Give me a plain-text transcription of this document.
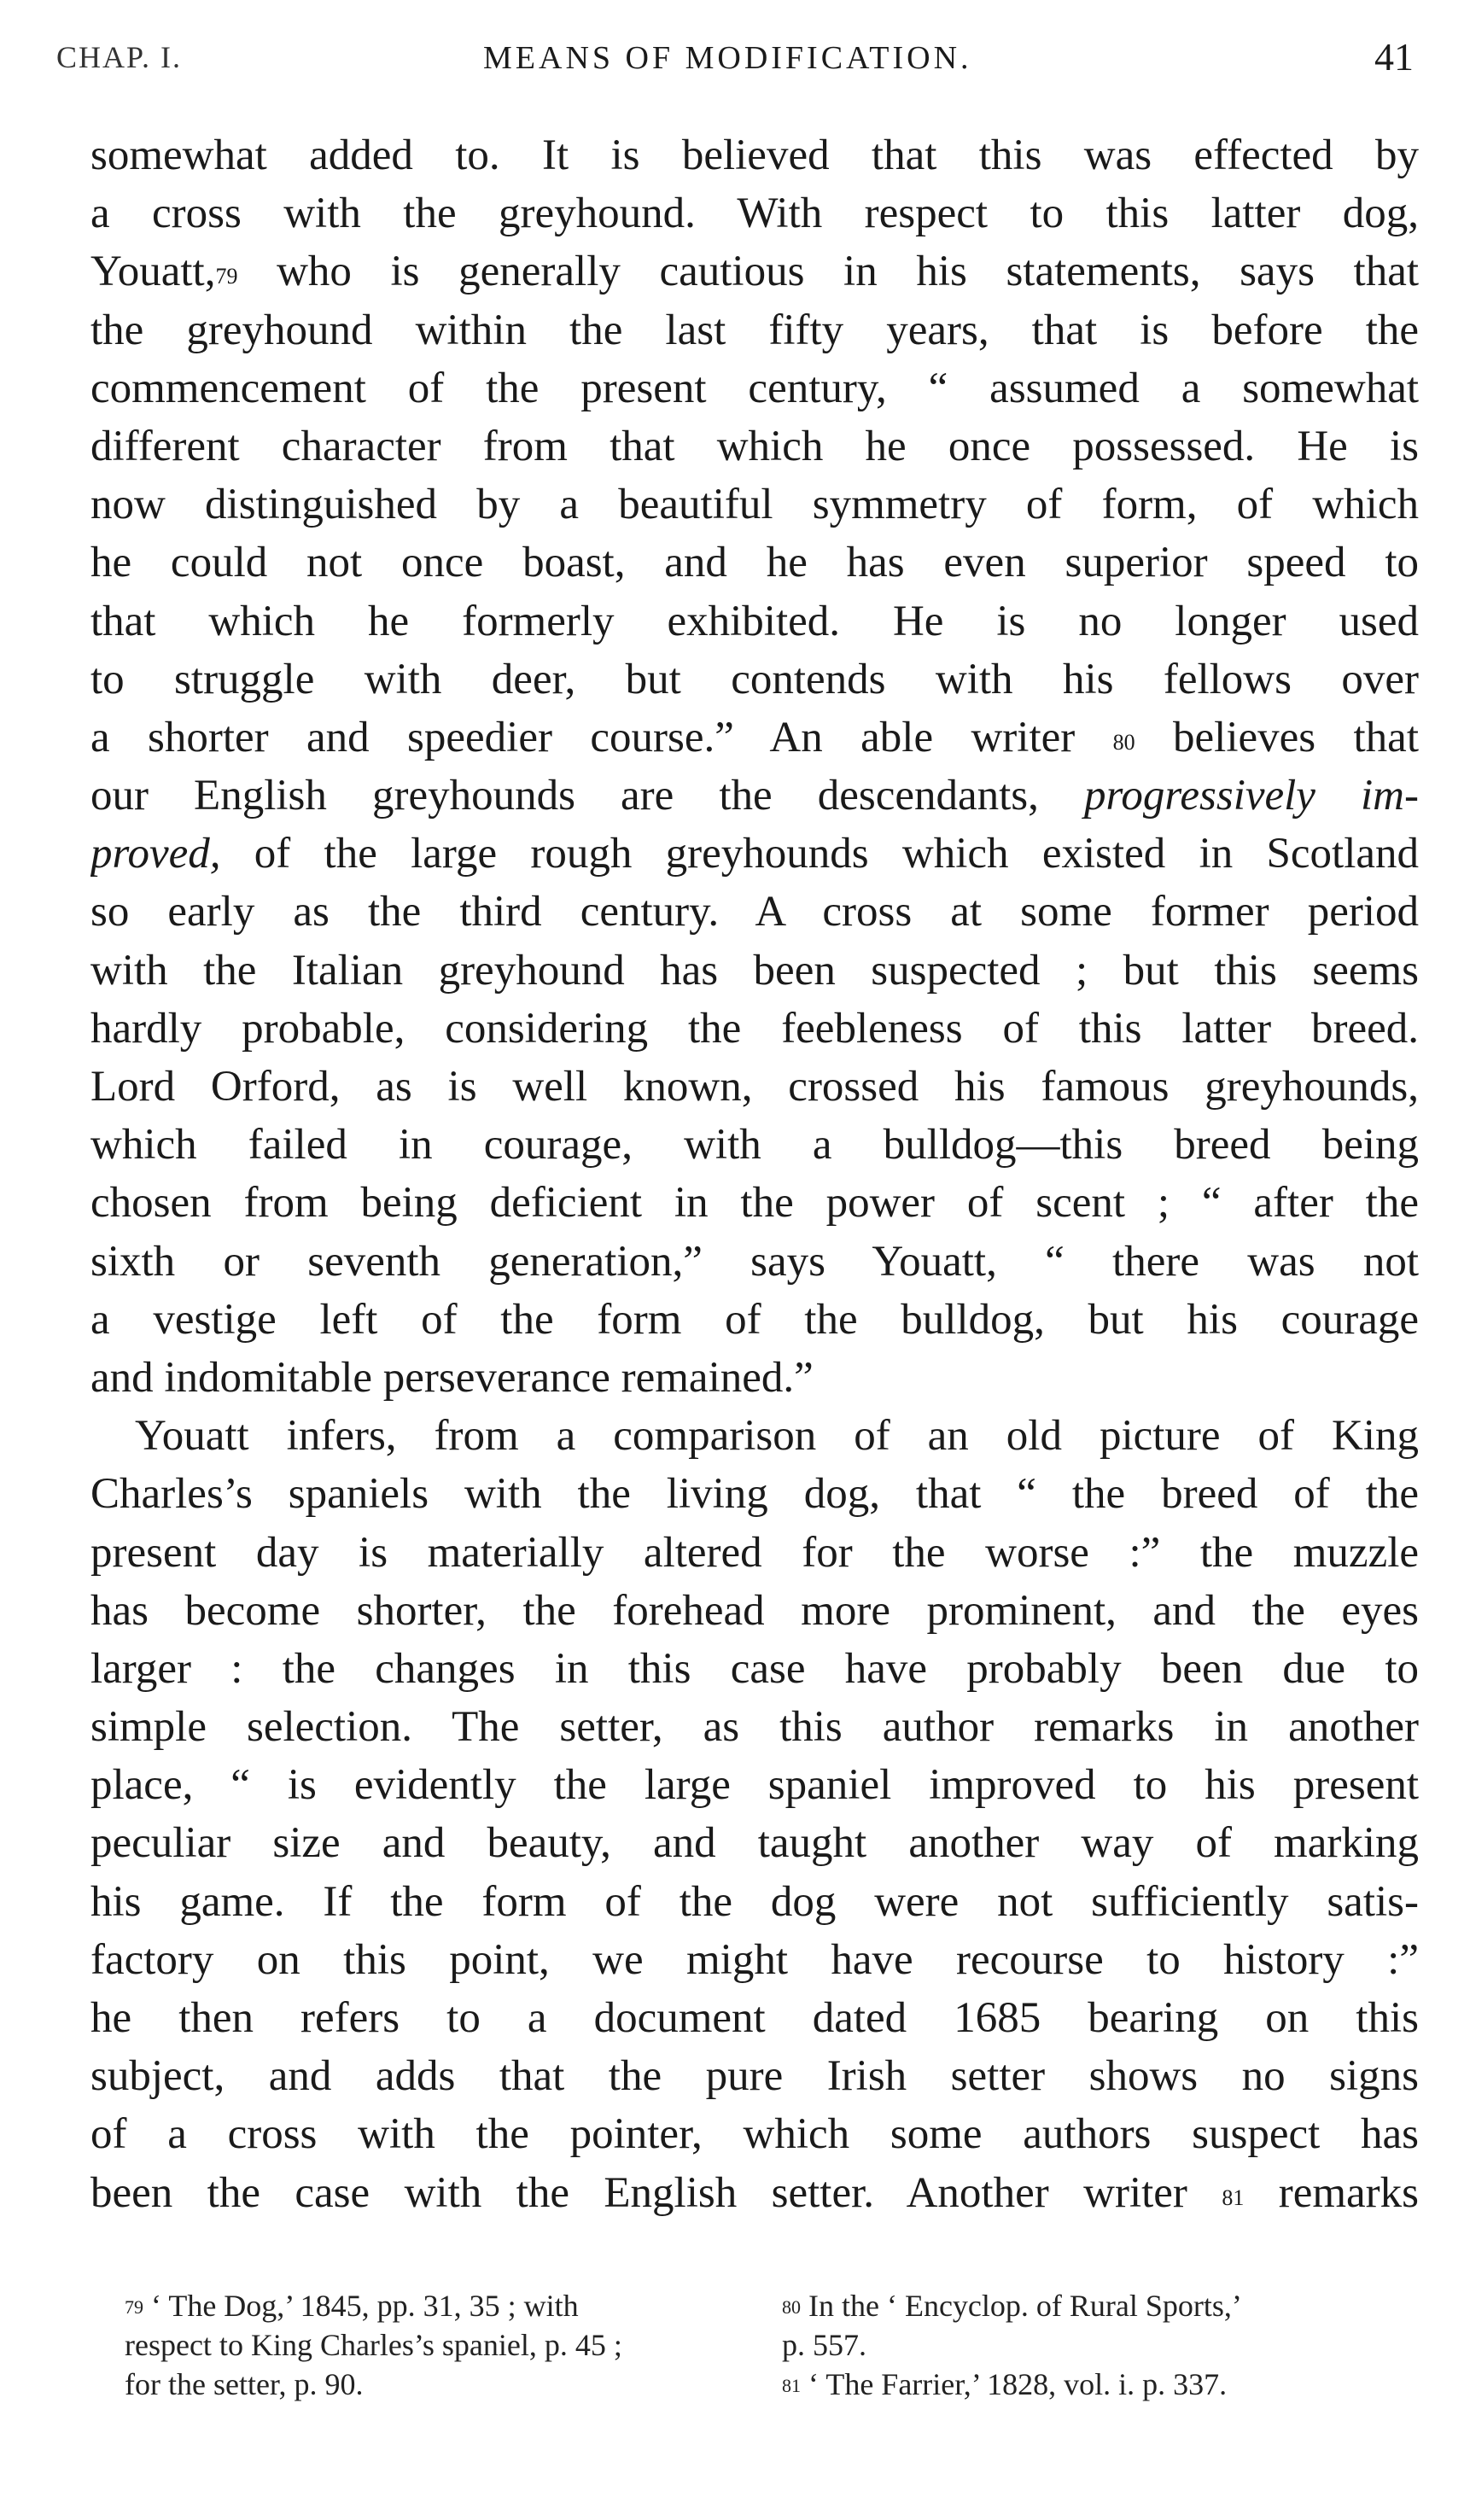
CHAP. I.	MEANS OF MODIFICATION.	41
somewhat added to. It is believed that this was effected by
a cross with the greyhound. With respect to this latter dog,
Youatt,$^{79}$ who is generally cautious in his statements, says that
the greyhound within the last fifty years, that is before the
commencement of the present century, “ assumed a somewhat
different character from that which he once possessed. He is
now distinguished by a beautiful symmetry of form, of which
he could not once boast, and he has even superior speed to
that which he formerly exhibited. He is no longer used
to struggle with deer, but contends with his fellows over
a shorter and speedier course.” An able writer $^{80}$ believes that
our English greyhounds are the descendants, progressively im-
proved, of the large rough greyhounds which existed in Scotland
so early as the third century. A cross at some former period
with the Italian greyhound has been suspected ; but this seems
hardly probable, considering the feebleness of this latter breed.
Lord Orford, as is well known, crossed his famous greyhounds,
which failed in courage, with a bulldog—this breed being
chosen from being deficient in the power of scent ; “ after the
sixth or seventh generation,” says Youatt, “ there was not
a vestige left of the form of the bulldog, but his courage
and indomitable perseverance remained.”
Youatt infers, from a comparison of an old picture of King
Charles’s spaniels with the living dog, that “ the breed of the
present day is materially altered for the worse :” the muzzle
has become shorter, the forehead more prominent, and the eyes
larger : the changes in this case have probably been due to
simple selection. The setter, as this author remarks in another
place, “ is evidently the large spaniel improved to his present
peculiar size and beauty, and taught another way of marking
his game. If the form of the dog were not sufficiently satis-
factory on this point, we might have recourse to history :”
he then refers to a document dated 1685 bearing on this
subject, and adds that the pure Irish setter shows no signs
of a cross with the pointer, which some authors suspect has
been the case with the English setter. Another writer $^{81}$ remarks
$^{79}$ ‘ The Dog,’ 1845, pp. 31, 35 ; with
respect to King Charles’s spaniel, p. 45 ;
for the setter, p. 90.
$^{80}$ In the ‘ Encyclop. of Rural Sports,’
p. 557.
$^{81}$ ‘ The Farrier,’ 1828, vol. i. p. 337.
